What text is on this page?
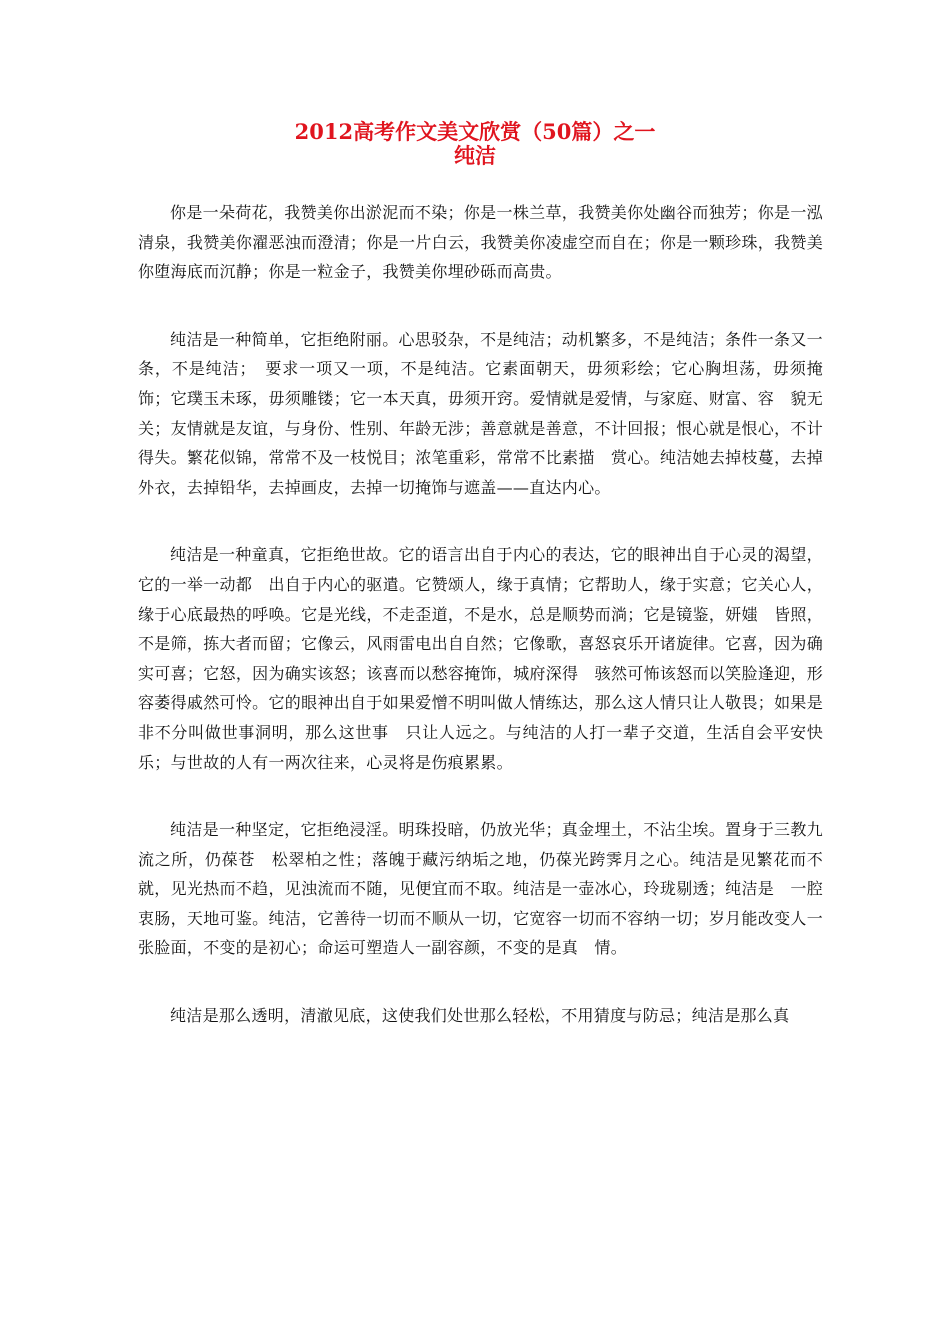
2012高考作文美文欣赏（50篇）之一
纯洁

你是一朵荷花，我赞美你出淤泥而不染；你是一株兰草，我赞美你处幽谷而独芳；你是一泓清泉，我赞美你濯恶浊而澄清；你是一片白云，我赞美你凌虚空而自在；你是一颗珍珠，我赞美你堕海底而沉静；你是一粒金子，我赞美你埋砂砾而高贵。

纯洁是一种简单，它拒绝附丽。心思驳杂，不是纯洁；动机繁多，不是纯洁；条件一条又一条，不是纯洁；　要求一项又一项，不是纯洁。它素面朝天，毋须彩绘；它心胸坦荡，毋须掩饰；它璞玉未琢，毋须雕镂；它一本天真，毋须开窍。爱情就是爱情，与家庭、财富、容　貌无关；友情就是友谊，与身份、性别、年龄无涉；善意就是善意，不计回报；恨心就是恨心，不计得失。繁花似锦，常常不及一枝悦目；浓笔重彩，常常不比素描　赏心。纯洁她去掉枝蔓，去掉外衣，去掉铅华，去掉画皮，去掉一切掩饰与遮盖——直达内心。

纯洁是一种童真，它拒绝世故。它的语言出自于内心的表达，它的眼神出自于心灵的渴望，它的一举一动都　出自于内心的驱遣。它赞颂人，缘于真情；它帮助人，缘于实意；它关心人，缘于心底最热的呼唤。它是光线，不走歪道，不是水，总是顺势而淌；它是镜鉴，妍媸　皆照，不是筛，拣大者而留；它像云，风雨雷电出自自然；它像歌，喜怒哀乐开诸旋律。它喜，因为确实可喜；它怒，因为确实该怒；该喜而以愁容掩饰，城府深得　骇然可怖该怒而以笑脸逢迎，形容萎得戚然可怜。它的眼神出自于如果爱憎不明叫做人情练达，那么这人情只让人敬畏；如果是非不分叫做世事洞明，那么这世事　只让人远之。与纯洁的人打一辈子交道，生活自会平安快乐；与世故的人有一两次往来，心灵将是伤痕累累。

纯洁是一种坚定，它拒绝浸淫。明珠投暗，仍放光华；真金埋土，不沾尘埃。置身于三教九流之所，仍葆苍　松翠柏之性；落魄于藏污纳垢之地，仍葆光跨霁月之心。纯洁是见繁花而不就，见光热而不趋，见浊流而不随，见便宜而不取。纯洁是一壶冰心，玲珑剔透；纯洁是　一腔衷肠，天地可鉴。纯洁，它善待一切而不顺从一切，它宽容一切而不容纳一切；岁月能改变人一张脸面，不变的是初心；命运可塑造人一副容颜，不变的是真　情。

纯洁是那么透明，清澈见底，这使我们处世那么轻松，不用猜度与防忌；纯洁是那么真
